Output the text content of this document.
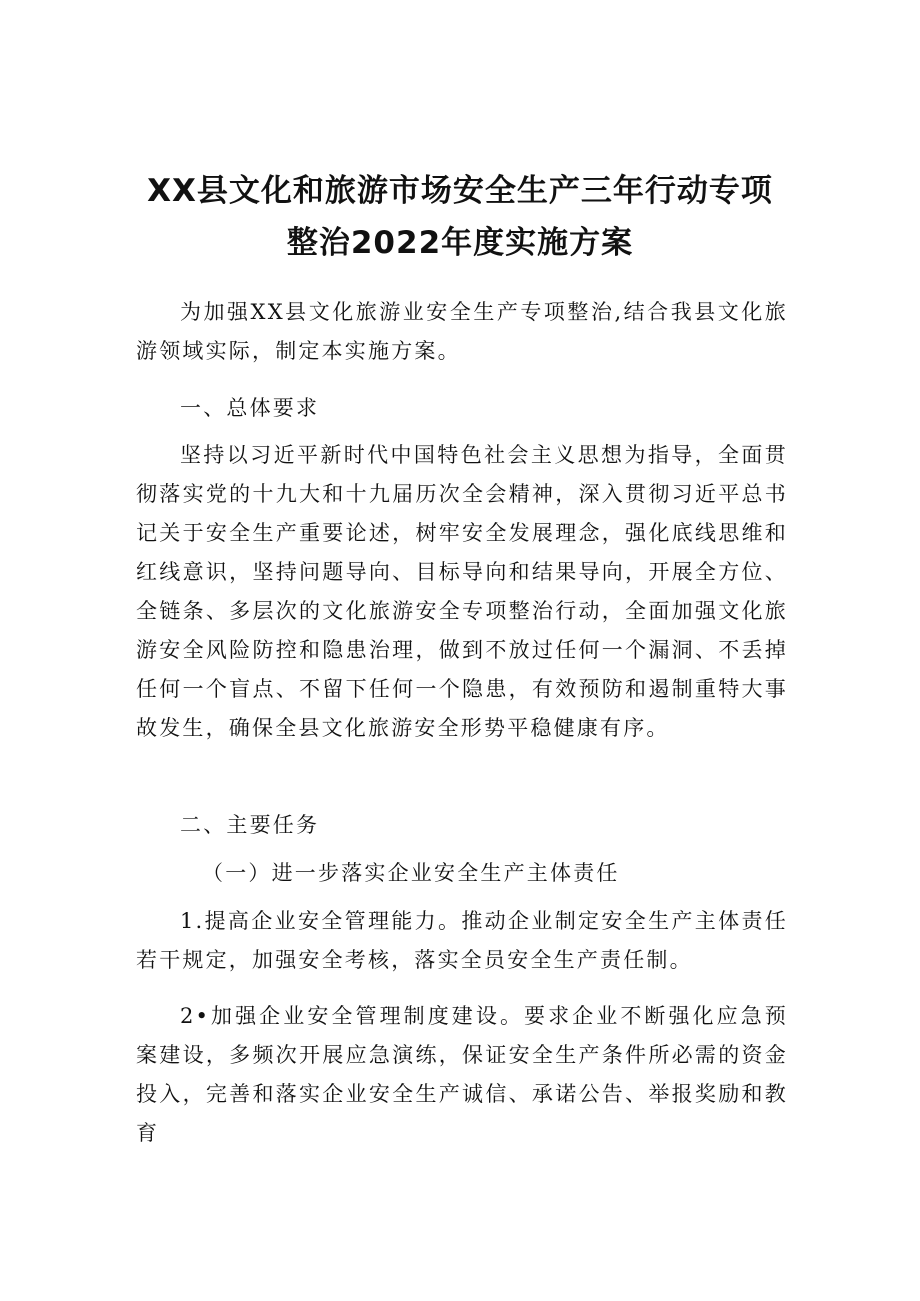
XX县文化和旅游市场安全生产三年行动专项
整治2022年度实施方案

为加强XX县文化旅游业安全生产专项整治,结合我县文化旅游领域实际，制定本实施方案。

一、总体要求

坚持以习近平新时代中国特色社会主义思想为指导，全面贯彻落实党的十九大和十九届历次全会精神，深入贯彻习近平总书记关于安全生产重要论述，树牢安全发展理念，强化底线思维和红线意识，坚持问题导向、目标导向和结果导向，开展全方位、全链条、多层次的文化旅游安全专项整治行动，全面加强文化旅游安全风险防控和隐患治理，做到不放过任何一个漏洞、不丢掉任何一个盲点、不留下任何一个隐患，有效预防和遏制重特大事故发生，确保全县文化旅游安全形势平稳健康有序。

二、主要任务

（一）进一步落实企业安全生产主体责任

1.提高企业安全管理能力。推动企业制定安全生产主体责任若干规定，加强安全考核，落实全员安全生产责任制。

2•加强企业安全管理制度建设。要求企业不断强化应急预案建设，多频次开展应急演练，保证安全生产条件所必需的资金投入，完善和落实企业安全生产诚信、承诺公告、举报奖励和教育
